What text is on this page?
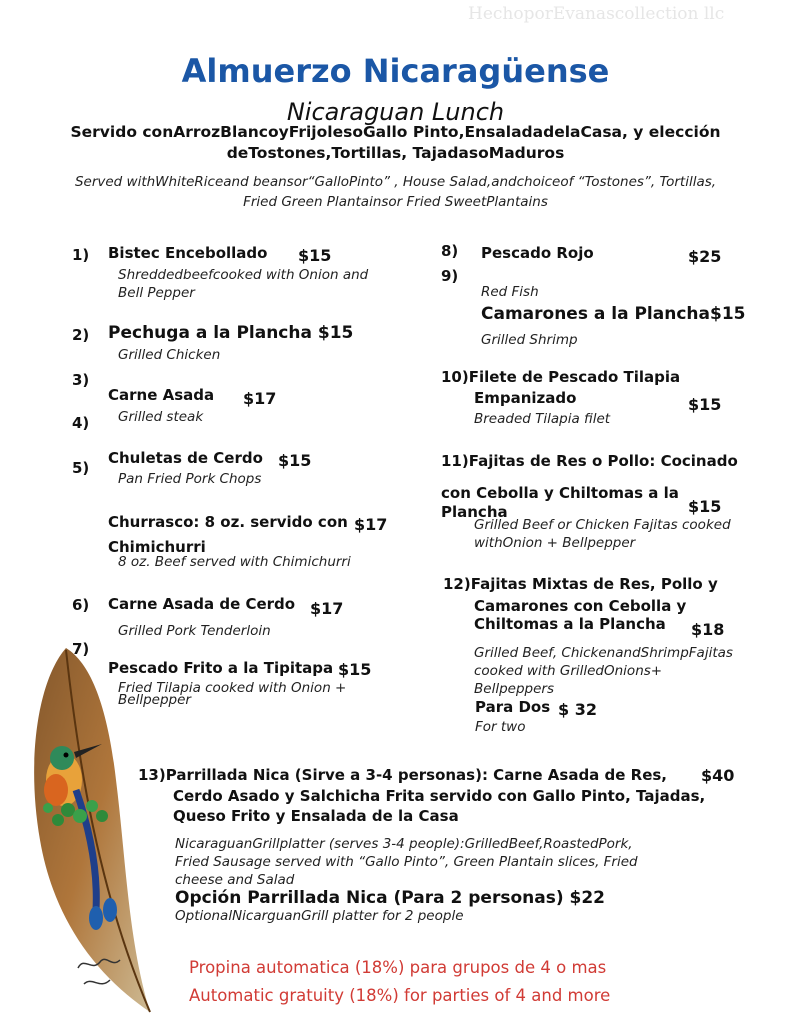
HechoporEvanascollection llc
Almuerzo Nicaragüense
Nicaraguan Lunch
Servido conArrozBlancoyFrijolesoGallo Pinto,EnsaladadelaCasa, y elección deTostones,Tortillas, TajadasoMaduros
Served withWhiteRiceand beansor“GalloPinto” , House Salad,andchoiceof “Tostones”, Tortillas, Fried Green Plantainsor Fried SweetPlantains
1) Bistec Encebollado $15
Shreddedbeefcooked with Onion and
Bell Pepper
2) Pechuga a la Plancha $15
Grilled Chicken
3)
Carne Asada $17
Grilled steak
4)
5)
Chuletas de Cerdo $15
Pan Fried Pork Chops
Churrasco: 8 oz. servido con $17
Chimichurri
8 oz. Beef served with Chimichurri
6) Carne Asada de Cerdo $17
Grilled Pork Tenderloin
7)
Pescado Frito a la Tipitapa $15
Fried Tilapia cooked with Onion +
Bellpepper
8) Pescado Rojo	$25
9)
Red Fish
Camarones a la Plancha$15
Grilled Shrimp
10)Filete de Pescado Tilapia
Empanizado	$15
Breaded Tilapia filet
11)Fajitas de Res o Pollo: Cocinado
con Cebolla y Chiltomas a la
$15
Plancha
Grilled Beef or Chicken Fajitas cooked
withOnion + Bellpepper
12)Fajitas Mixtas de Res, Pollo y
Camarones con Cebolla y
Chiltomas a la Plancha $18
Grilled Beef, ChickenandShrimpFajitas
cooked with GrilledOnions+
Bellpeppers
Para Dos $ 32
For two
13)Parrillada Nica (Sirve a 3-4 personas): Carne Asada de Res, $40
Cerdo Asado y Salchicha Frita servido con Gallo Pinto, Tajadas,
Queso Frito y Ensalada de la Casa
NicaraguanGrillplatter (serves 3-4 people):GrilledBeef,RoastedPork,
Fried Sausage served with “Gallo Pinto”, Green Plantain slices, Fried
cheese and Salad
Opción Parrillada Nica (Para 2 personas) $22
OptionalNicarguanGrill platter for 2 people
Propina automatica (18%) para grupos de 4 o mas
Automatic gratuity (18%) for parties of 4 and more
